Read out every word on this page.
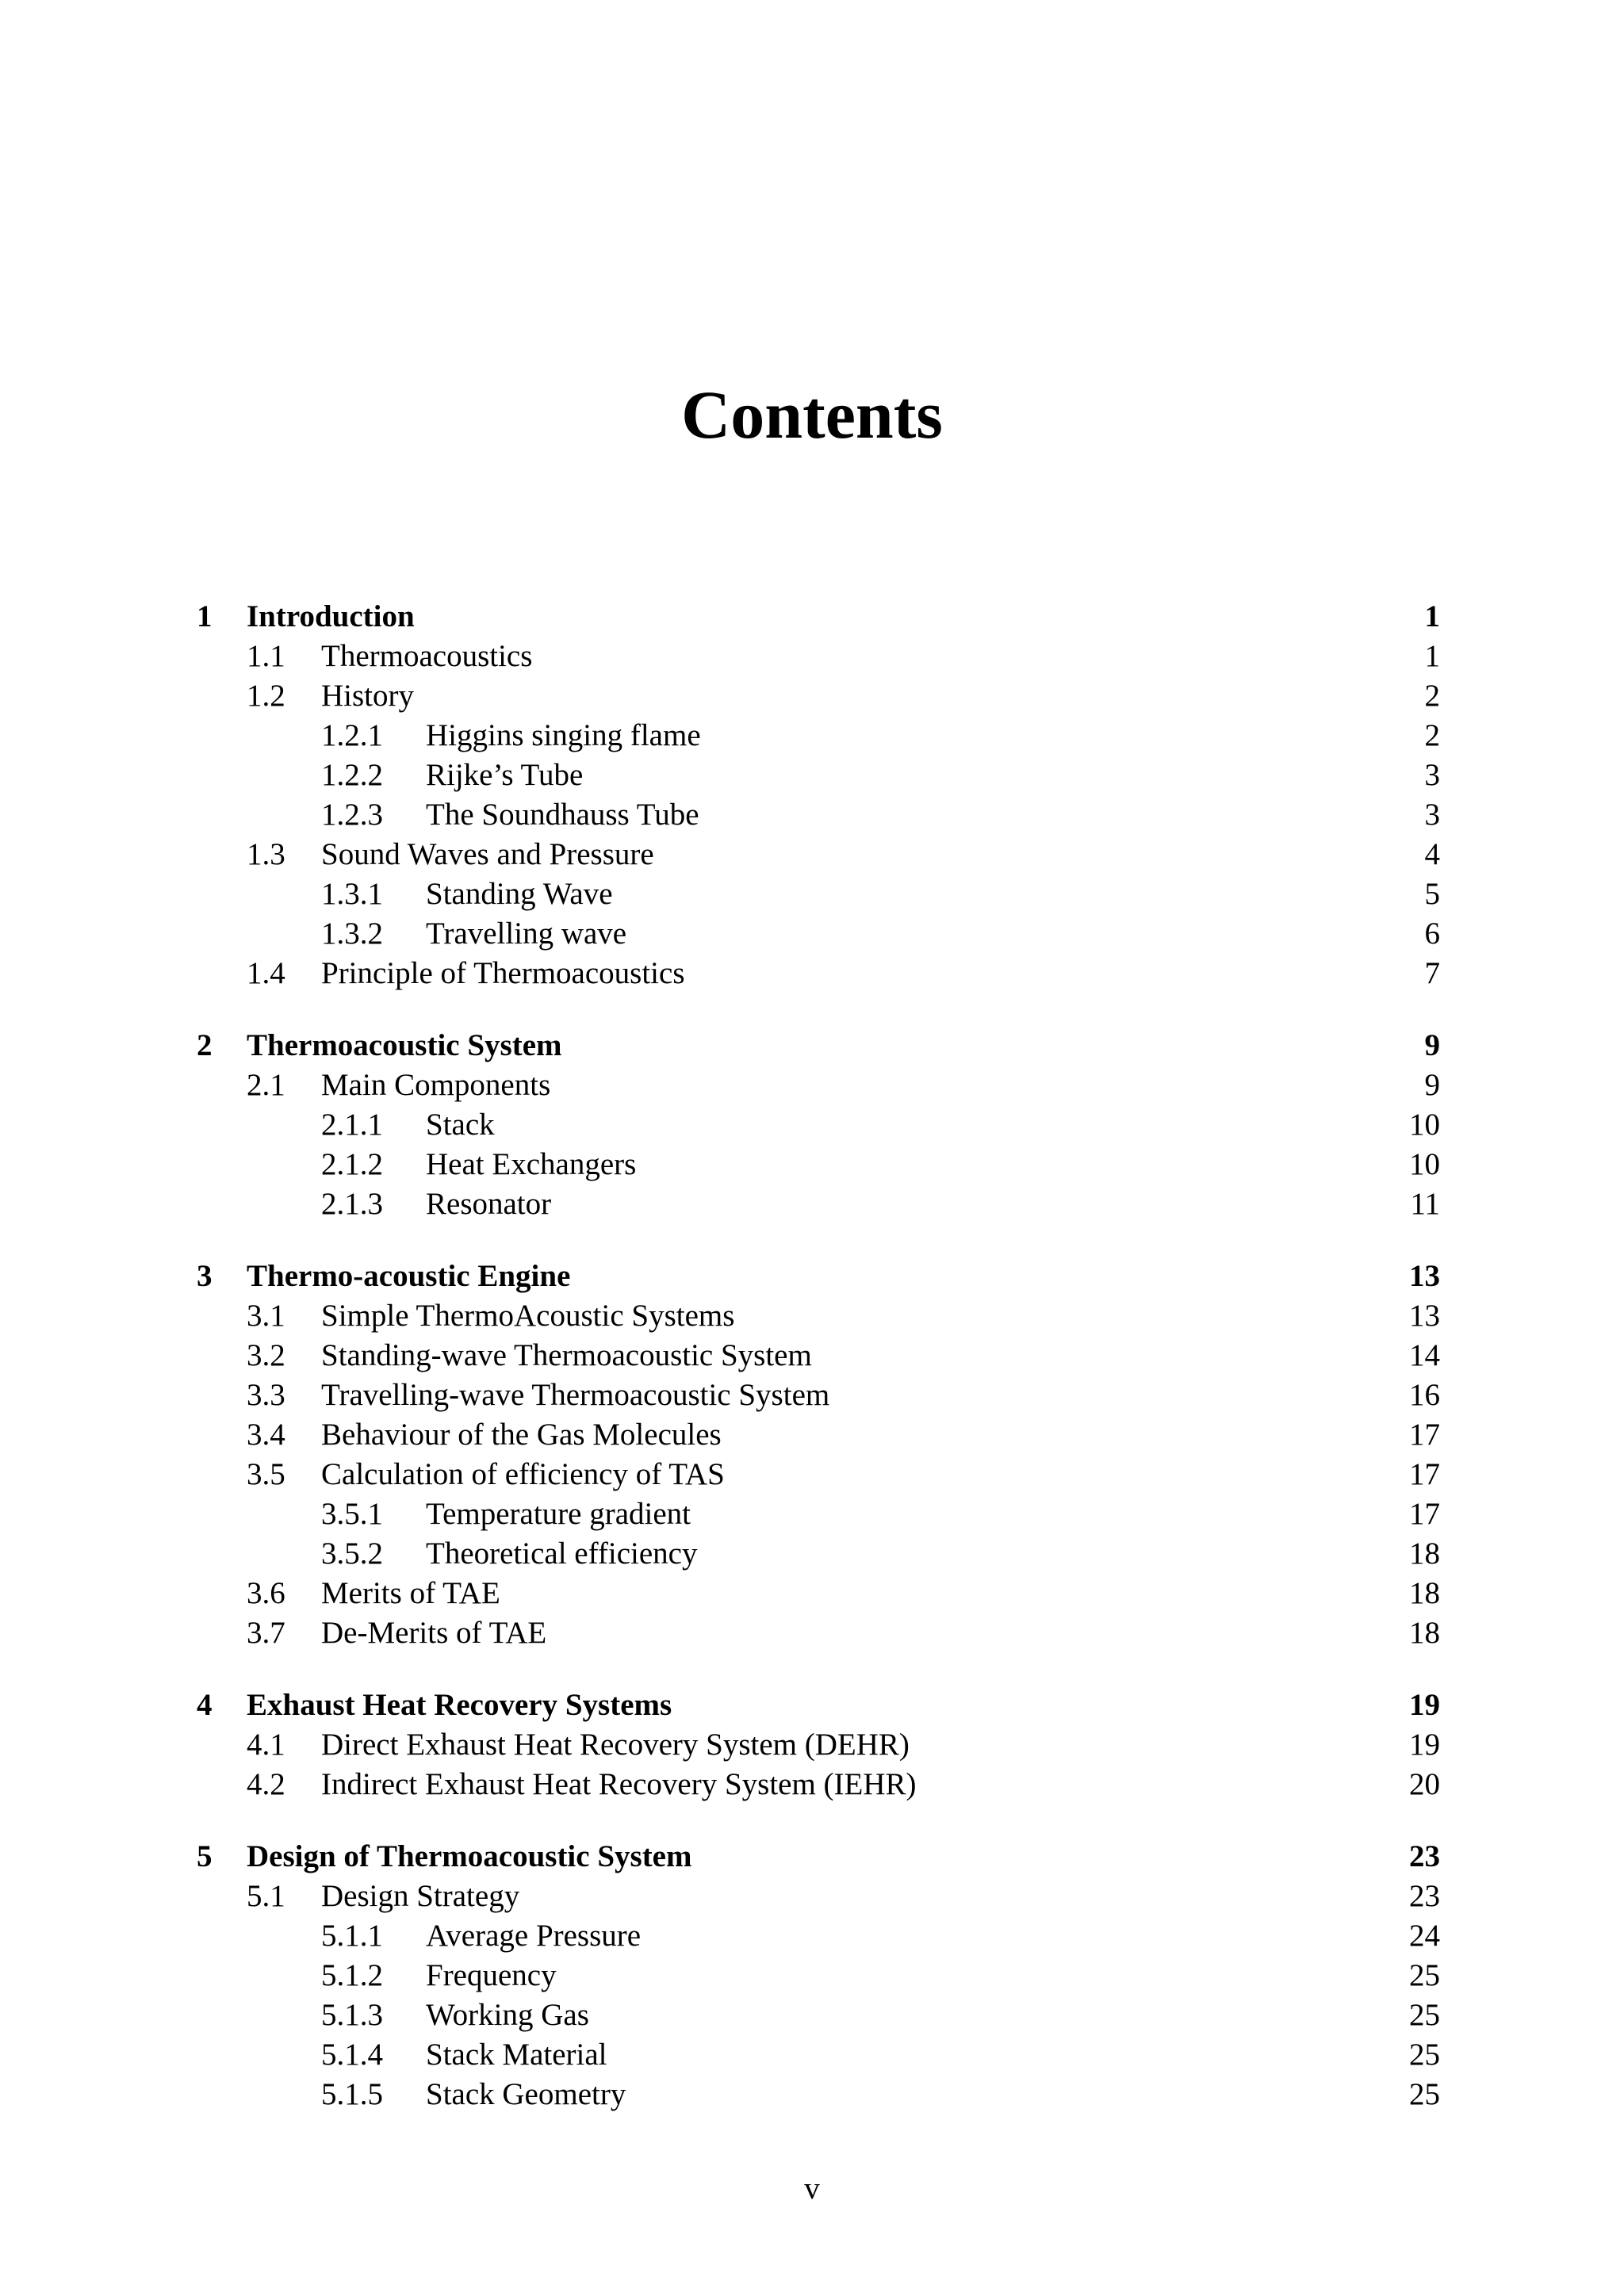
Contents
1 Introduction	1
1.1 Thermoacoustics	1
1.2 History	2
1.2.1 Higgins singing flame	2
1.2.2 Rijke’s Tube	3
1.2.3 The Soundhauss Tube	3
1.3 Sound Waves and Pressure	4
1.3.1 Standing Wave	5
1.3.2 Travelling wave	6
1.4 Principle of Thermoacoustics	7
2 Thermoacoustic System	9
2.1 Main Components	9
2.1.1 Stack	10
2.1.2 Heat Exchangers	10
2.1.3 Resonator	11
3 Thermo-acoustic Engine	13
3.1 Simple ThermoAcoustic Systems	13
3.2 Standing-wave Thermoacoustic System	14
3.3 Travelling-wave Thermoacoustic System	16
3.4 Behaviour of the Gas Molecules	17
3.5 Calculation of efficiency of TAS	17
3.5.1 Temperature gradient	17
3.5.2 Theoretical efficiency	18
3.6 Merits of TAE	18
3.7 De-Merits of TAE	18
4 Exhaust Heat Recovery Systems	19
4.1 Direct Exhaust Heat Recovery System (DEHR)	19
4.2 Indirect Exhaust Heat Recovery System (IEHR)	20
5 Design of Thermoacoustic System	23
5.1 Design Strategy	23
5.1.1 Average Pressure	24
5.1.2 Frequency	25
5.1.3 Working Gas	25
5.1.4 Stack Material	25
5.1.5 Stack Geometry	25
v
